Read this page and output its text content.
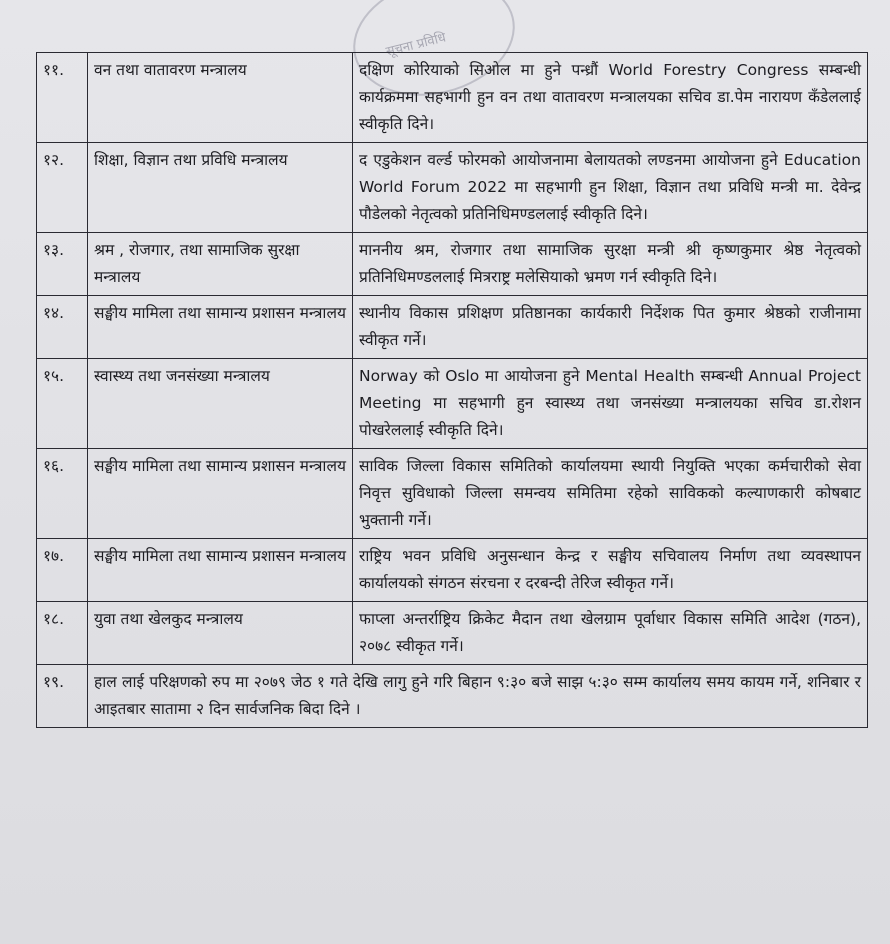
सूचना प्रविधि
११.	वन तथा वातावरण मन्त्रालय	दक्षिण कोरियाको सिओल मा हुने पन्ध्रौं World Forestry Congress सम्बन्धी कार्यक्रममा सहभागी हुन वन तथा वातावरण मन्त्रालयका सचिव डा.पेम नारायण कँडेललाई स्वीकृति दिने।
१२.	शिक्षा, विज्ञान तथा प्रविधि मन्त्रालय	द एडुकेशन वर्ल्ड फोरमको आयोजनामा बेलायतको लण्डनमा आयोजना हुने Education World Forum 2022 मा सहभागी हुन शिक्षा, विज्ञान तथा प्रविधि मन्त्री मा. देवेन्द्र पौडेलको नेतृत्वको प्रतिनिधिमण्डललाई स्वीकृति दिने।
१३.	श्रम , रोजगार, तथा सामाजिक सुरक्षा मन्त्रालय	माननीय श्रम, रोजगार तथा सामाजिक सुरक्षा मन्त्री श्री कृष्णकुमार श्रेष्ठ नेतृत्वको प्रतिनिधिमण्डललाई मित्रराष्ट्र मलेसियाको भ्रमण गर्न स्वीकृति दिने।
१४.	सङ्घीय मामिला तथा सामान्य प्रशासन मन्त्रालय	स्थानीय विकास प्रशिक्षण प्रतिष्ठानका कार्यकारी निर्देशक पित कुमार श्रेष्ठको राजीनामा स्वीकृत गर्ने।
१५.	स्वास्थ्य तथा जनसंख्या मन्त्रालय	Norway को Oslo मा आयोजना हुने Mental Health सम्बन्धी Annual Project Meeting मा सहभागी हुन स्वास्थ्य तथा जनसंख्या मन्त्रालयका सचिव डा.रोशन पोखरेललाई स्वीकृति दिने।
१६.	सङ्घीय मामिला तथा सामान्य प्रशासन मन्त्रालय	साविक जिल्ला विकास समितिको कार्यालयमा स्थायी नियुक्ति भएका कर्मचारीको सेवा निवृत्त सुविधाको जिल्ला समन्वय समितिमा रहेको साविकको कल्याणकारी कोषबाट भुक्तानी गर्ने।
१७.	सङ्घीय मामिला तथा सामान्य प्रशासन मन्त्रालय	राष्ट्रिय भवन प्रविधि अनुसन्धान केन्द्र र सङ्घीय सचिवालय निर्माण तथा व्यवस्थापन कार्यालयको संगठन संरचना र दरबन्दी तेरिज स्वीकृत गर्ने।
१८.	युवा तथा खेलकुद मन्त्रालय	फाप्ला अन्तर्राष्ट्रिय क्रिकेट मैदान तथा खेलग्राम पूर्वाधार विकास समिति आदेश (गठन), २०७८ स्वीकृत गर्ने।
१९.	हाल लाई परिक्षणको रुप मा २०७९ जेठ १ गते देखि लागु हुने गरि बिहान ९:३० बजे साझ ५:३० सम्म कार्यालय समय कायम गर्ने, शनिबार र आइतबार सातामा २ दिन सार्वजनिक बिदा दिने ।	
